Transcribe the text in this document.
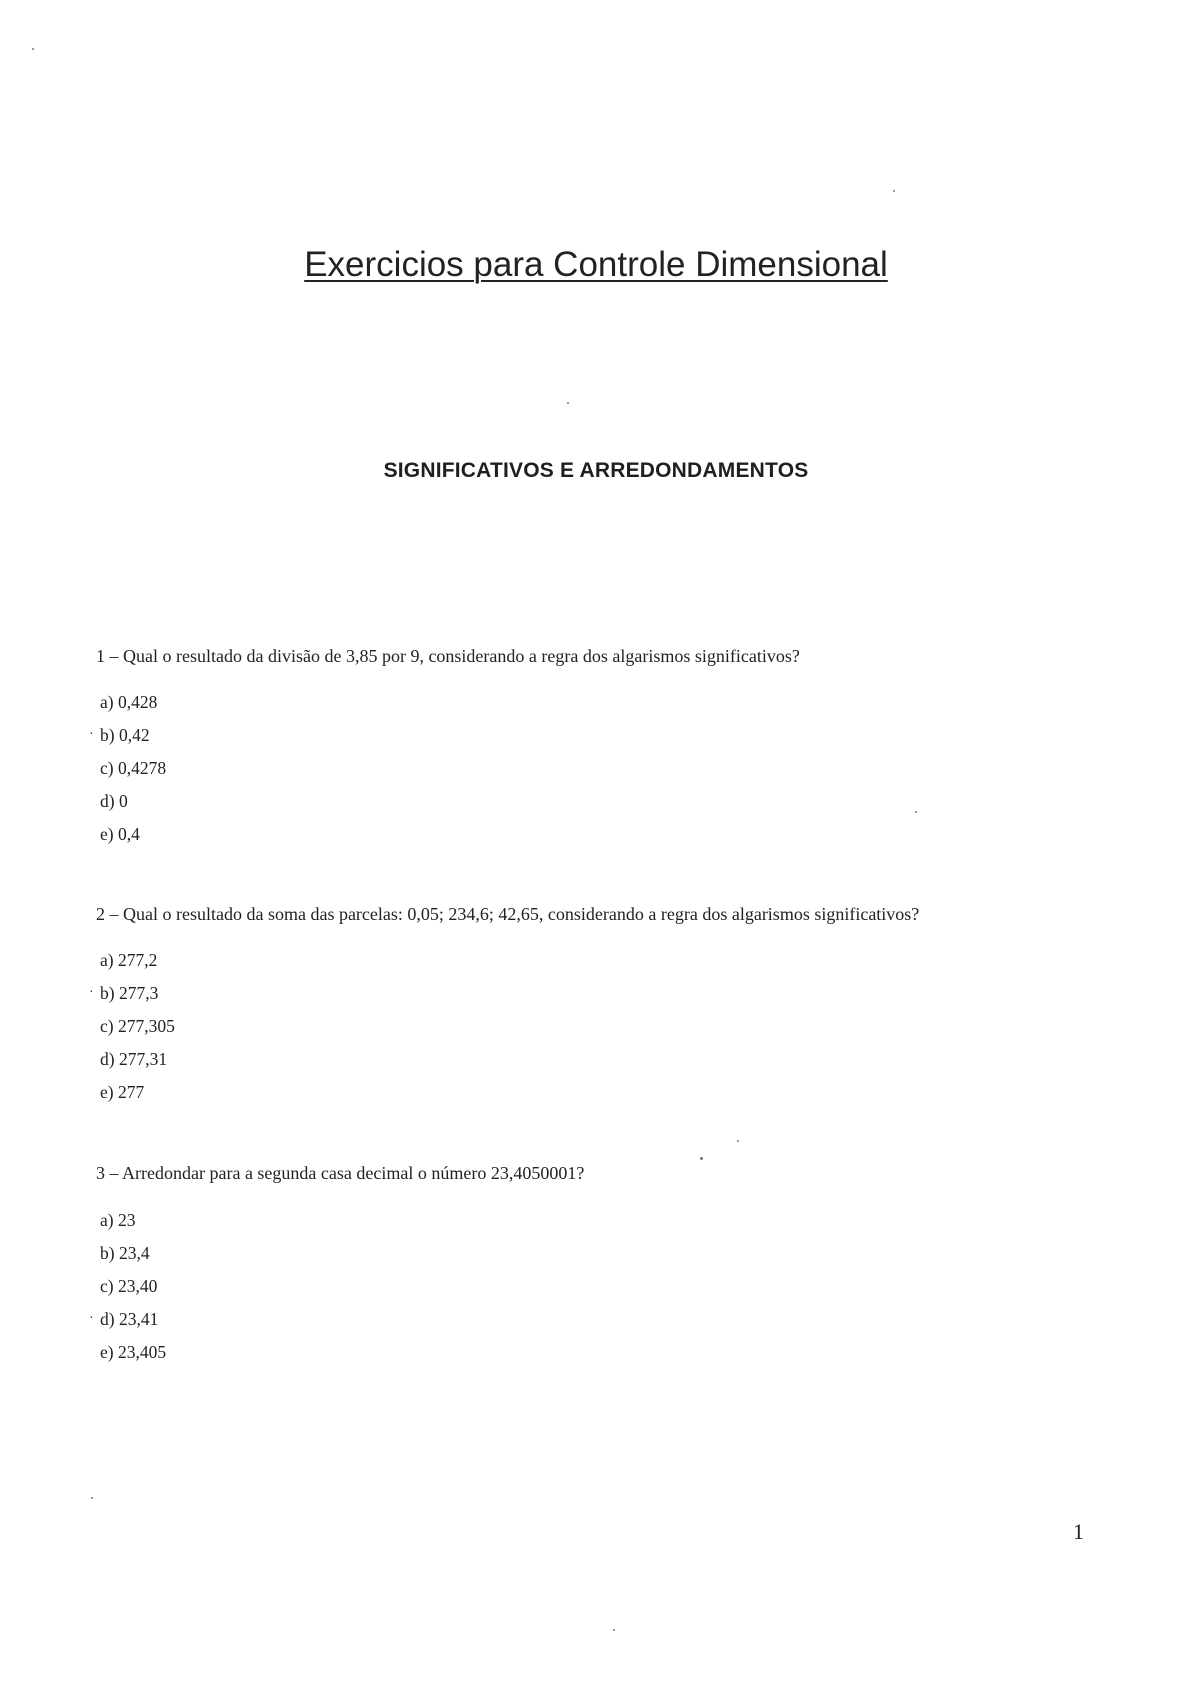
Exercicios para Controle Dimensional
SIGNIFICATIVOS E ARREDONDAMENTOS
1 – Qual o resultado da divisão de 3,85 por 9, considerando a regra dos algarismos significativos?
a) 0,428
· b) 0,42
c) 0,4278
d) 0
e) 0,4
2 – Qual o resultado da soma das parcelas: 0,05; 234,6; 42,65, considerando a regra dos algarismos significativos?
a) 277,2
· b) 277,3
c) 277,305
d) 277,31
e) 277
3 – Arredondar para a segunda casa decimal o número 23,4050001?
a) 23
b) 23,4
c) 23,40
· d) 23,41
e) 23,405
1
